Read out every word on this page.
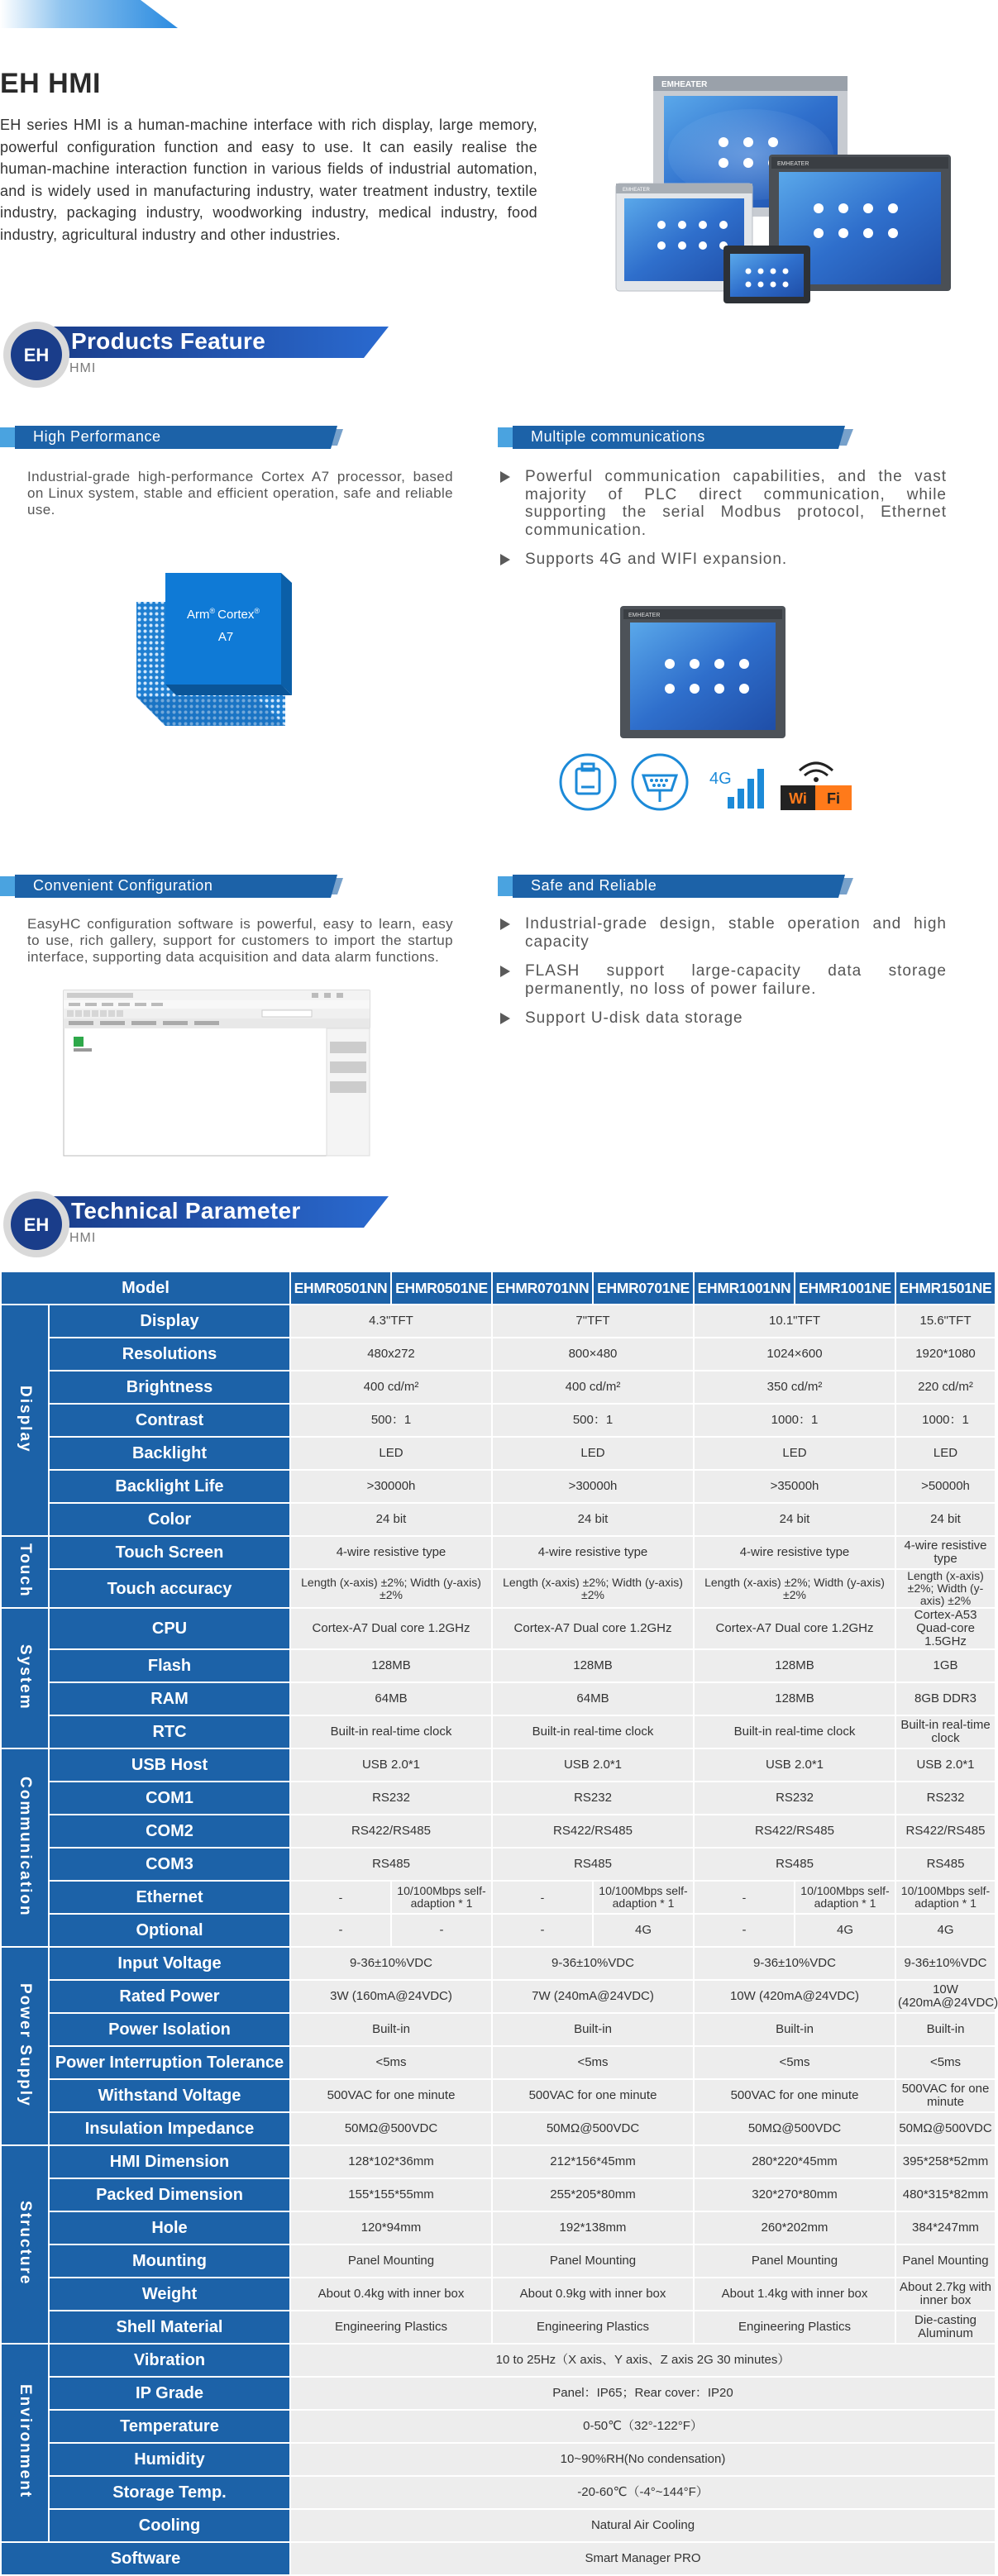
EH HMI
EH series HMI is a human-machine interface with rich display, large memory, powerful configuration function and easy to use. It can easily realise the human-machine interaction function in various fields of industrial automation, and is widely used in manufacturing industry, water treatment industry, textile industry, packaging industry, woodworking industry, medical industry, food industry, agricultural industry and other industries.
EMHEATER
EMHEATER
EMHEATER
EH
Products Feature
HMI
High Performance
Industrial-grade high-performance Cortex A7 processor, based on Linux system, stable and efficient operation, safe and reliable use.
Arm® Cortex®
A7
Multiple communications
Powerful communication capabilities, and the vast majority of PLC direct communication, while supporting the serial Modbus protocol, Ethernet communication.
Supports 4G and WIFI expansion.
EMHEATER
4G
Wi Fi
Convenient Configuration
EasyHC configuration software is powerful, easy to learn, easy to use, rich gallery, support for customers to import the startup interface, supporting data acquisition and data alarm functions.
Safe and Reliable
Industrial-grade design, stable operation and high capacity
FLASH support large-capacity data storage permanently, no loss of power failure.
Support U-disk data storage
EH
Technical Parameter
HMI
Model		EHMR0501NN	EHMR0501NE	EHMR0701NN	EHMR0701NE	EHMR1001NN	EHMR1001NE	EHMR1501NE
Display	Display	4.3"TFT		7"TFT		10.1"TFT		15.6"TFT
	Resolutions	480x272		800×480		1024×600		1920*1080
	Brightness	400 cd/m²		400 cd/m²		350 cd/m²		220 cd/m²
	Contrast	500：1		500：1		1000：1		1000：1
	Backlight	LED		LED		LED		LED
	Backlight Life	>30000h		>30000h		>35000h		>50000h
	Color	24 bit		24 bit		24 bit		24 bit
Touch	Touch Screen	4-wire resistive type		4-wire resistive type		4-wire resistive type		4-wire resistive type
	Touch accuracy	Length (x-axis) ±2%; Width (y-axis) ±2%		Length (x-axis) ±2%; Width (y-axis) ±2%		Length (x-axis) ±2%; Width (y-axis) ±2%		Length (x-axis) ±2%; Width (y-axis) ±2%
System	CPU	Cortex-A7 Dual core 1.2GHz		Cortex-A7 Dual core 1.2GHz		Cortex-A7 Dual core 1.2GHz		Cortex-A53 Quad-core 1.5GHz
	Flash	128MB		128MB		128MB		1GB
	RAM	64MB		64MB		128MB		8GB DDR3
	RTC	Built-in real-time clock		Built-in real-time clock		Built-in real-time clock		Built-in real-time clock
Communication	USB Host	USB 2.0*1		USB 2.0*1		USB 2.0*1		USB 2.0*1
	COM1	RS232		RS232		RS232		RS232
	COM2	RS422/RS485		RS422/RS485		RS422/RS485		RS422/RS485
	COM3	RS485		RS485		RS485		RS485
	Ethernet	-	10/100Mbps self-adaption * 1	-	10/100Mbps self-adaption * 1	-	10/100Mbps self-adaption * 1	10/100Mbps self-adaption * 1
	Optional	-	-	-	4G	-	4G	4G
Power Supply	Input Voltage	9-36±10%VDC		9-36±10%VDC		9-36±10%VDC		9-36±10%VDC
	Rated Power	3W (160mA@24VDC)		7W (240mA@24VDC)		10W (420mA@24VDC)		10W (420mA@24VDC)
	Power Isolation	Built-in		Built-in		Built-in		Built-in
	Power Interruption Tolerance	<5ms		<5ms		<5ms		<5ms
	Withstand Voltage	500VAC for one minute		500VAC for one minute		500VAC for one minute		500VAC for one minute
	Insulation Impedance	50MΩ@500VDC		50MΩ@500VDC		50MΩ@500VDC		50MΩ@500VDC
Structure	HMI Dimension	128*102*36mm		212*156*45mm		280*220*45mm		395*258*52mm
	Packed Dimension	155*155*55mm		255*205*80mm		320*270*80mm		480*315*82mm
	Hole	120*94mm		192*138mm		260*202mm		384*247mm
	Mounting	Panel Mounting		Panel Mounting		Panel Mounting		Panel Mounting
	Weight	About 0.4kg with inner box		About 0.9kg with inner box		About 1.4kg with inner box		About 2.7kg with inner box
	Shell Material	Engineering Plastics		Engineering Plastics		Engineering Plastics		Die-casting Aluminum
Environment	Vibration	10 to 25Hz（X axis、Y axis、Z axis 2G 30 minutes）						
	IP Grade	Panel：IP65；Rear cover：IP20						
	Temperature	0-50℃（32°-122°F）						
	Humidity	10~90%RH(No condensation)						
	Storage Temp.	-20-60℃（-4°~144°F）						
	Cooling	Natural Air Cooling						
Software		Smart Manager PRO						
